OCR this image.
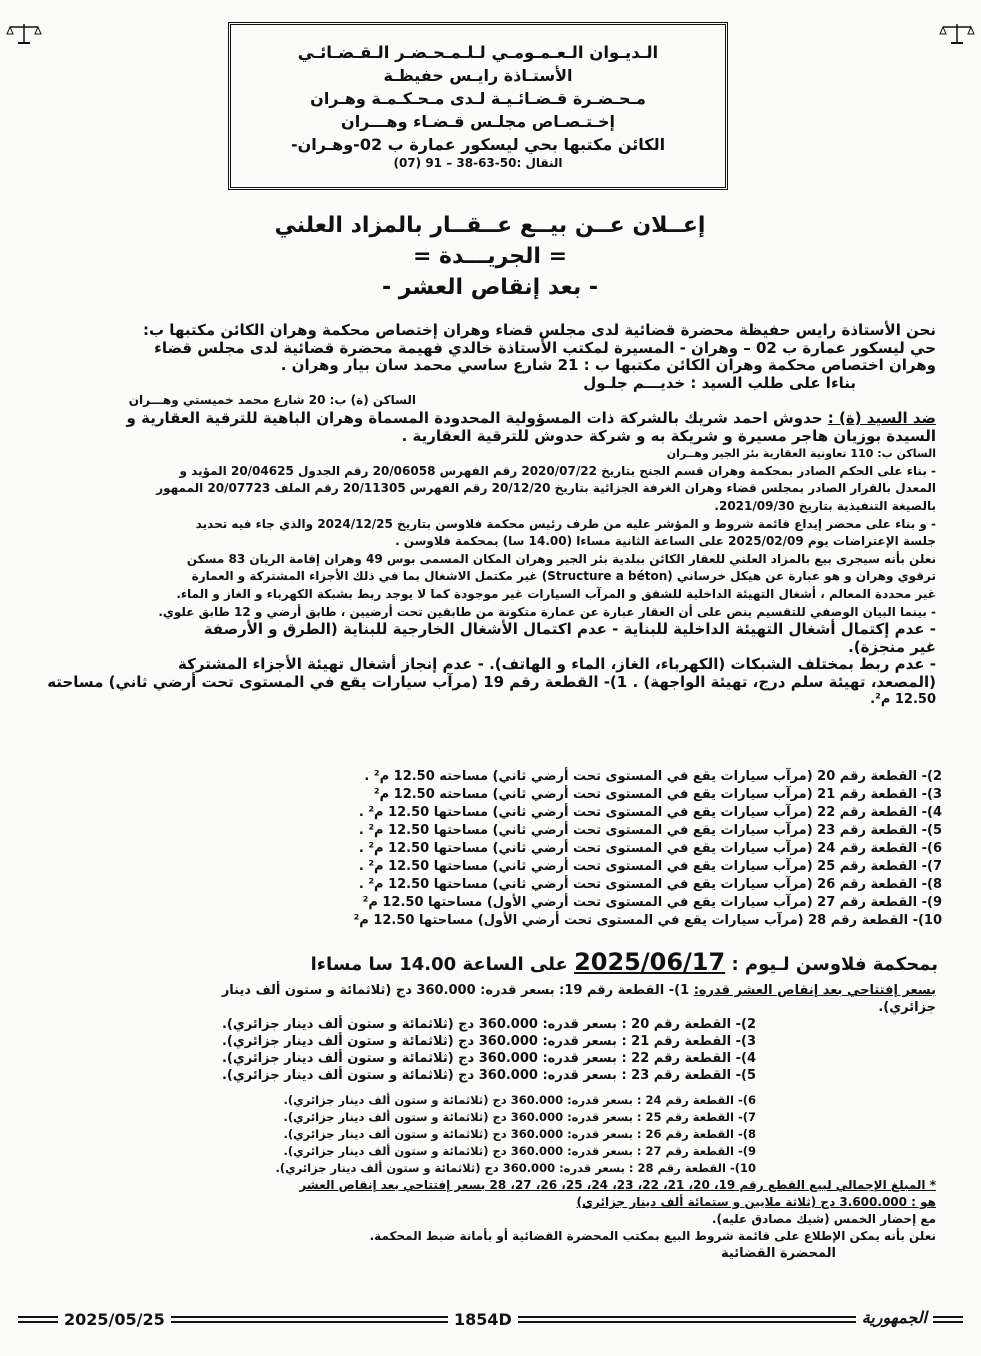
الـديـوان الـعـمـومـي لـلـمـحـضـر الـقـضـائـي
الأستـاذة رايـس حفيظـة
مـحـضـرة قـضـائـيـة لـدى مـحـكـمـة وهـران
إخـتـصـاص مجلـس قـضـاء وهـــران
الكائن مكتبها بحي ليسكور عمارة ب 02-وهـران-
النقال :50-63-38 – 91 (07)
إعــلان عــن بيــع عــقــار بالمزاد العلني
= الجريـــدة =
- بعد إنقاص العشر -

نحن الأستاذة رايس حفيظة محضرة قضائية لدى مجلس قضاء وهران إختصاص محكمة وهران الكائن مكتبها ب:

حي ليسكور عمارة ب 02 – وهران - المسيرة لمكتب الأستاذة خالدي فهيمة محضرة قضائية لدى مجلس قضاء

وهران اختصاص محكمة وهران الكائن مكتبها ب : 21 شارع ساسي محمد سان بيار وهران .

بناءا على طلب السيد : خديـــم جلـول

الساكن (ة) ب: 20 شارع محمد خميستي وهـــران

ضد السيد (ة) : حدوش احمد شريك بالشركة ذات المسؤولية المحدودة المسماة وهران الباهية للترقية العقارية و

السيدة بوزيان هاجر مسيرة و شريكة به و شركة حدوش للترقية العقارية .

الساكن ب: 110 تعاونية العقارية بئر الجير وهــران

- بناء على الحكم الصادر بمحكمة وهران قسم الجنح بتاريخ 2020/07/22 رقم الفهرس 20/06058 رقم الجدول 20/04625 المؤيد و

المعدل بالقرار الصادر بمجلس قضاء وهران الغرفة الجزائية بتاريخ 20/12/20 رقم الفهرس 20/11305 رقم الملف 20/07723 الممهور

بالصيغة التنفيذية بتاريخ 2021/09/30.

- و بناء على محضر إيداع قائمة شروط و المؤشر عليه من طرف رئيس محكمة فلاوسن بتاريخ 2024/12/25 والذي جاء فيه تحديد

جلسة الإعتراضات يوم 2025/02/09 على الساعة الثانية مساءا (14.00 سا) بمحكمة فلاوسن .

نعلن بأنه سيجرى بيع بالمزاد العلني للعقار الكائن ببلدية بئر الجير وهران المكان المسمى بوس 49 وهران إقامة الريان 83 مسكن

ترقوي وهران و هو عبارة عن هيكل خرساني (Structure a béton) غير مكتمل الاشغال بما في ذلك الأجزاء المشتركة و العمارة

غير محددة المعالم ، أشغال التهيئة الداخلية للشقق و المرآب السيارات غير موجودة كما لا يوجد ربط بشبكة الكهرباء و الغاز و الماء.

- بينما البيان الوصفي للتقسيم ينص على أن العقار عبارة عن عمارة متكونة من طابقين تحت أرضيين ، طابق أرضي و 12 طابق علوي.

- عدم إكتمال أشغال التهيئة الداخلية للبناية - عدم اكتمال الأشغال الخارجية للبناية (الطرق و الأرصفة

غير منجزة).

- عدم ربط بمختلف الشبكات (الكهرباء، الغاز، الماء و الهاتف). - عدم إنجاز أشغال تهيئة الأجزاء المشتركة

(المصعد، تهيئة سلم درج، تهيئة الواجهة) . 1)- القطعة رقم 19 (مرآب سيارات يقع في المستوى تحت أرضي ثاني) مساحته

12.50 م².

2)- القطعة رقم 20 (مرآب سيارات يقع في المستوى تحت أرضي ثاني) مساحته 12.50 م² .
3)- القطعة رقم 21 (مرآب سيارات يقع في المستوى تحت أرضي ثاني) مساحته 12.50 م²
4)- القطعة رقم 22 (مرآب سيارات يقع في المستوى تحت أرضي ثاني) مساحتها 12.50 م² .
5)- القطعة رقم 23 (مرآب سيارات يقع في المستوى تحت أرضي ثاني) مساحتها 12.50 م² .
6)- القطعة رقم 24 (مرآب سيارات يقع في المستوى تحت أرضي ثاني) مساحتها 12.50 م² .
7)- القطعة رقم 25 (مرآب سيارات يقع في المستوى تحت أرضي ثاني) مساحتها 12.50 م² .
8)- القطعة رقم 26 (مرآب سيارات يقع في المستوى تحت أرضي ثاني) مساحتها 12.50 م² .
9)- القطعة رقم 27 (مرآب سيارات يقع في المستوى تحت أرضي الأول) مساحتها 12.50 م²
10)- القطعة رقم 28 (مرآب سيارات يقع في المستوى تحت أرضي الأول) مساحتها 12.50 م²
بمحكمة فلاوسن لـيوم : 2025/06/17 على الساعة 14.00 سا مساءا
بسعر إفتتاحي بعد إنقاص العشر قدره: 1)- القطعة رقم 19: بسعر قدره: 360.000 دج (ثلاثمائة و ستون ألف دينار
جزائري).
2)- القطعة رقم 20 : بسعر قدره: 360.000 دج (ثلاثمائة و ستون ألف دينار جزائري).
3)- القطعة رقم 21 : بسعر قدره: 360.000 دج (ثلاثمائة و ستون ألف دينار جزائري).
4)- القطعة رقم 22 : بسعر قدره: 360.000 دج (ثلاثمائة و ستون ألف دينار جزائري).
5)- القطعة رقم 23 : بسعر قدره: 360.000 دج (ثلاثمائة و ستون ألف دينار جزائري).
6)- القطعة رقم 24 : بسعر قدره: 360.000 دج (ثلاثمائة و ستون ألف دينار جزائري).
7)- القطعة رقم 25 : بسعر قدره: 360.000 دج (ثلاثمائة و ستون ألف دينار جزائري).
8)- القطعة رقم 26 : بسعر قدره: 360.000 دج (ثلاثمائة و ستون ألف دينار جزائري).
9)- القطعة رقم 27 : بسعر قدره: 360.000 دج (ثلاثمائة و ستون ألف دينار جزائري).
10)- القطعة رقم 28 : بسعر قدره: 360.000 دج (ثلاثمائة و ستون ألف دينار جزائري).
* المبلغ الإجمالي لبيع القطع رقم 19، 20، 21، 22، 23، 24، 25، 26، 27، 28 بسعر إفتتاحي بعد إنقاص العشر
هو : 3.600.000 دج (ثلاثة ملايين و ستمائة ألف دينار جزائري)
مع إحضار الخمس (شيك مصادق عليه).
نعلن بأنه يمكن الإطلاع على قائمة شروط البيع بمكتب المحضرة القضائية أو بأمانة ضبط المحكمة.
المحضرة القضائية
2025/05/25	1854D	الجمهورية
